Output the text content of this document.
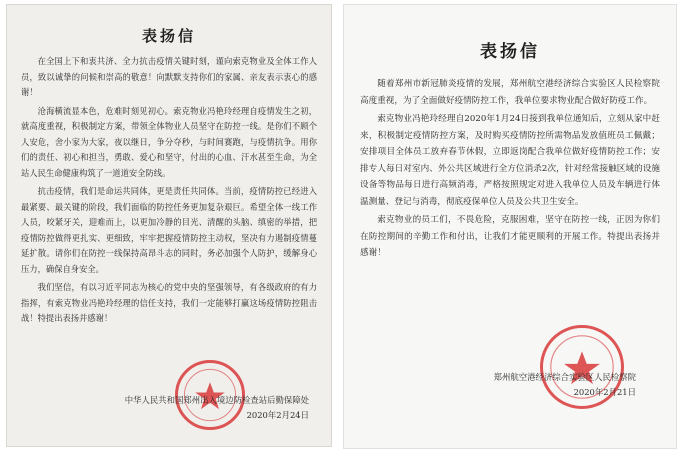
表扬信

在全国上下和衷共济、全力抗击疫情关键时刻，谨向索克物业及全体工作人员，致以诚挚的问候和崇高的敬意！向默默支持你们的家属、亲友表示衷心的感谢！

沧海横流显本色，危难时刻见初心。索克物业冯艳玲经理自疫情发生之初，就高度重视，积极制定方案，带领全体物业人员坚守在防控一线。是你们不顾个人安危，舍小家为大家，夜以继日，争分夺秒，与时间赛跑，与疫情抗争。用你们的责任、初心和担当，勇敢、爱心和坚守，付出的心血、汗水甚至生命，为全站人民生命健康构筑了一道道安全防线。

抗击疫情，我们是命运共同体，更是责任共同体。当前，疫情防控已经进入最紧要、最关键的阶段，我们面临的防控任务更加复杂艰巨。希望全体一线工作人员，咬紧牙关，迎难而上，以更加冷静的目光、清醒的头脑、缜密的举措，把疫情防控做得更扎实、更细致，牢牢把握疫情防控主动权，坚决有力遏制疫情蔓延扩散。请你们在防控一线保持高昂斗志的同时，务必加强个人防护，缓解身心压力，确保自身安全。

我们坚信，有以习近平同志为核心的党中央的坚强领导，有各级政府的有力指挥，有索克物业冯艳玲经理的信任支持，我们一定能够打赢这场疫情防控阻击战！特提出表扬并感谢！

中华人民共和国郑州出入境边防检查站后勤保障处
2020年2月24日
表扬信

随着郑州市新冠肺炎疫情的发展，郑州航空港经济综合实验区人民检察院高度重视，为了全面做好疫情防控工作，我单位要求物业配合做好防疫工作。

索克物业冯艳玲经理自2020年1月24日接到我单位通知后，立刻从家中赶来，积极制定疫情防控方案，及时购买疫情防控所需物品发放值班员工佩戴；安排项目全体员工放弃春节休假，立即返岗配合我单位做好疫情防控工作；安排专人每日对室内、外公共区域进行全方位消杀2次，针对经常接触区域的设施设备等物品每日进行高频消毒，严格按照规定对进入我单位人员及车辆进行体温测量、登记与消毒，彻底疫保单位人员及公共卫生安全。

索克物业的员工们，不畏危险，克服困难，坚守在防控一线，正因为你们在防控期间的辛勤工作和付出，让我们才能更顺利的开展工作。特提出表扬并感谢！

郑州航空港经济综合实验区人民检察院
2020年2月21日
